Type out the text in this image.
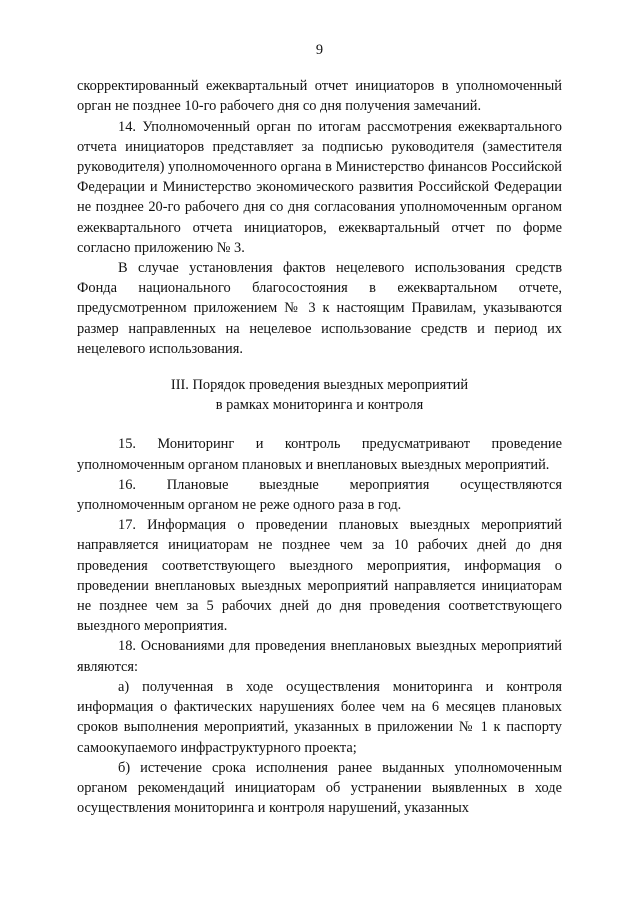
9

скорректированный ежеквартальный отчет инициаторов в уполномоченный орган не позднее 10-го рабочего дня со дня получения замечаний.

14. Уполномоченный орган по итогам рассмотрения ежеквартального отчета инициаторов представляет за подписью руководителя (заместителя руководителя) уполномоченного органа в Министерство финансов Российской Федерации и Министерство экономического развития Российской Федерации не позднее 20-го рабочего дня со дня согласования уполномоченным органом ежеквартального отчета инициаторов, ежеквартальный отчет по форме согласно приложению № 3.

В случае установления фактов нецелевого использования средств Фонда национального благосостояния в ежеквартальном отчете, предусмотренном приложением № 3 к настоящим Правилам, указываются размер направленных на нецелевое использование средств и период их нецелевого использования.

III. Порядок проведения выездных мероприятий
в рамках мониторинга и контроля

15. Мониторинг и контроль предусматривают проведение уполномоченным органом плановых и внеплановых выездных мероприятий.

16. Плановые выездные мероприятия осуществляются уполномоченным органом не реже одного раза в год.

17. Информация о проведении плановых выездных мероприятий направляется инициаторам не позднее чем за 10 рабочих дней до дня проведения соответствующего выездного мероприятия, информация о проведении внеплановых выездных мероприятий направляется инициаторам не позднее чем за 5 рабочих дней до дня проведения соответствующего выездного мероприятия.

18. Основаниями для проведения внеплановых выездных мероприятий являются:

а) полученная в ходе осуществления мониторинга и контроля информация о фактических нарушениях более чем на 6 месяцев плановых сроков выполнения мероприятий, указанных в приложении № 1 к паспорту самоокупаемого инфраструктурного проекта;

б) истечение срока исполнения ранее выданных уполномоченным органом рекомендаций инициаторам об устранении выявленных в ходе осуществления мониторинга и контроля нарушений, указанных
